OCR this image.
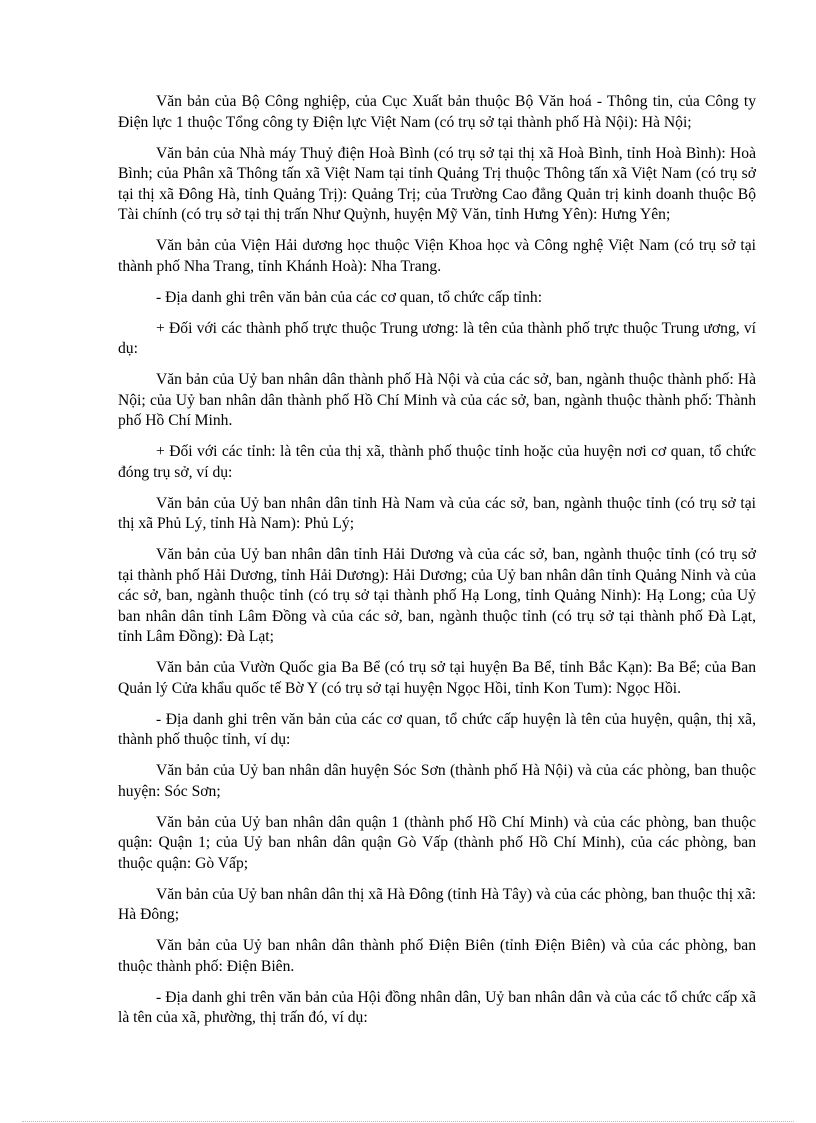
Văn bản của Bộ Công nghiệp, của Cục Xuất bản thuộc Bộ Văn hoá - Thông tin, của Công ty Điện lực 1 thuộc Tổng công ty Điện lực Việt Nam (có trụ sở tại thành phố Hà Nội): Hà Nội;

Văn bản của Nhà máy Thuỷ điện Hoà Bình (có trụ sở tại thị xã Hoà Bình, tỉnh Hoà Bình): Hoà Bình; của Phân xã Thông tấn xã Việt Nam tại tỉnh Quảng Trị thuộc Thông tấn xã Việt Nam (có trụ sở tại thị xã Đông Hà, tỉnh Quảng Trị): Quảng Trị; của Trường Cao đẳng Quản trị kinh doanh thuộc Bộ Tài chính (có trụ sở tại thị trấn Như Quỳnh, huyện Mỹ Văn, tỉnh Hưng Yên): Hưng Yên;

Văn bản của Viện Hải dương học thuộc Viện Khoa học và Công nghệ Việt Nam (có trụ sở tại thành phố Nha Trang, tỉnh Khánh Hoà): Nha Trang.

- Địa danh ghi trên văn bản của các cơ quan, tổ chức cấp tỉnh:

+ Đối với các thành phố trực thuộc Trung ương: là tên của thành phố trực thuộc Trung ương, ví dụ:

Văn bản của Uỷ ban nhân dân thành phố Hà Nội và của các sở, ban, ngành thuộc thành phố: Hà Nội; của Uỷ ban nhân dân thành phố Hồ Chí Minh và của các sở, ban, ngành thuộc thành phố: Thành phố Hồ Chí Minh.

+ Đối với các tỉnh: là tên của thị xã, thành phố thuộc tỉnh hoặc của huyện nơi cơ quan, tổ chức đóng trụ sở, ví dụ:

Văn bản của Uỷ ban nhân dân tỉnh Hà Nam và của các sở, ban, ngành thuộc tỉnh (có trụ sở tại thị xã Phủ Lý, tỉnh Hà Nam): Phủ Lý;

Văn bản của Uỷ ban nhân dân tỉnh Hải Dương và của các sở, ban, ngành thuộc tỉnh (có trụ sở tại thành phố Hải Dương, tỉnh Hải Dương): Hải Dương; của Uỷ ban nhân dân tỉnh Quảng Ninh và của các sở, ban, ngành thuộc tỉnh (có trụ sở tại thành phố Hạ Long, tỉnh Quảng Ninh): Hạ Long; của Uỷ ban nhân dân tỉnh Lâm Đồng và của các sở, ban, ngành thuộc tỉnh (có trụ sở tại thành phố Đà Lạt, tỉnh Lâm Đồng): Đà Lạt;

Văn bản của Vườn Quốc gia Ba Bể (có trụ sở tại huyện Ba Bể, tỉnh Bắc Kạn): Ba Bể; của Ban Quản lý Cửa khẩu quốc tế Bờ Y (có trụ sở tại huyện Ngọc Hồi, tỉnh Kon Tum): Ngọc Hồi.

- Địa danh ghi trên văn bản của các cơ quan, tổ chức cấp huyện là tên của huyện, quận, thị xã, thành phố thuộc tỉnh, ví dụ:

Văn bản của Uỷ ban nhân dân huyện Sóc Sơn (thành phố Hà Nội) và của các phòng, ban thuộc huyện: Sóc Sơn;

Văn bản của Uỷ ban nhân dân quận 1 (thành phố Hồ Chí Minh) và của các phòng, ban thuộc quận: Quận 1; của Uỷ ban nhân dân quận Gò Vấp (thành phố Hồ Chí Minh), của các phòng, ban thuộc quận: Gò Vấp;

Văn bản của Uỷ ban nhân dân thị xã Hà Đông (tỉnh Hà Tây) và của các phòng, ban thuộc thị xã: Hà Đông;

Văn bản của Uỷ ban nhân dân thành phố Điện Biên (tỉnh Điện Biên) và của các phòng, ban thuộc thành phố: Điện Biên.

- Địa danh ghi trên văn bản của Hội đồng nhân dân, Uỷ ban nhân dân và của các tổ chức cấp xã là tên của xã, phường, thị trấn đó, ví dụ:
